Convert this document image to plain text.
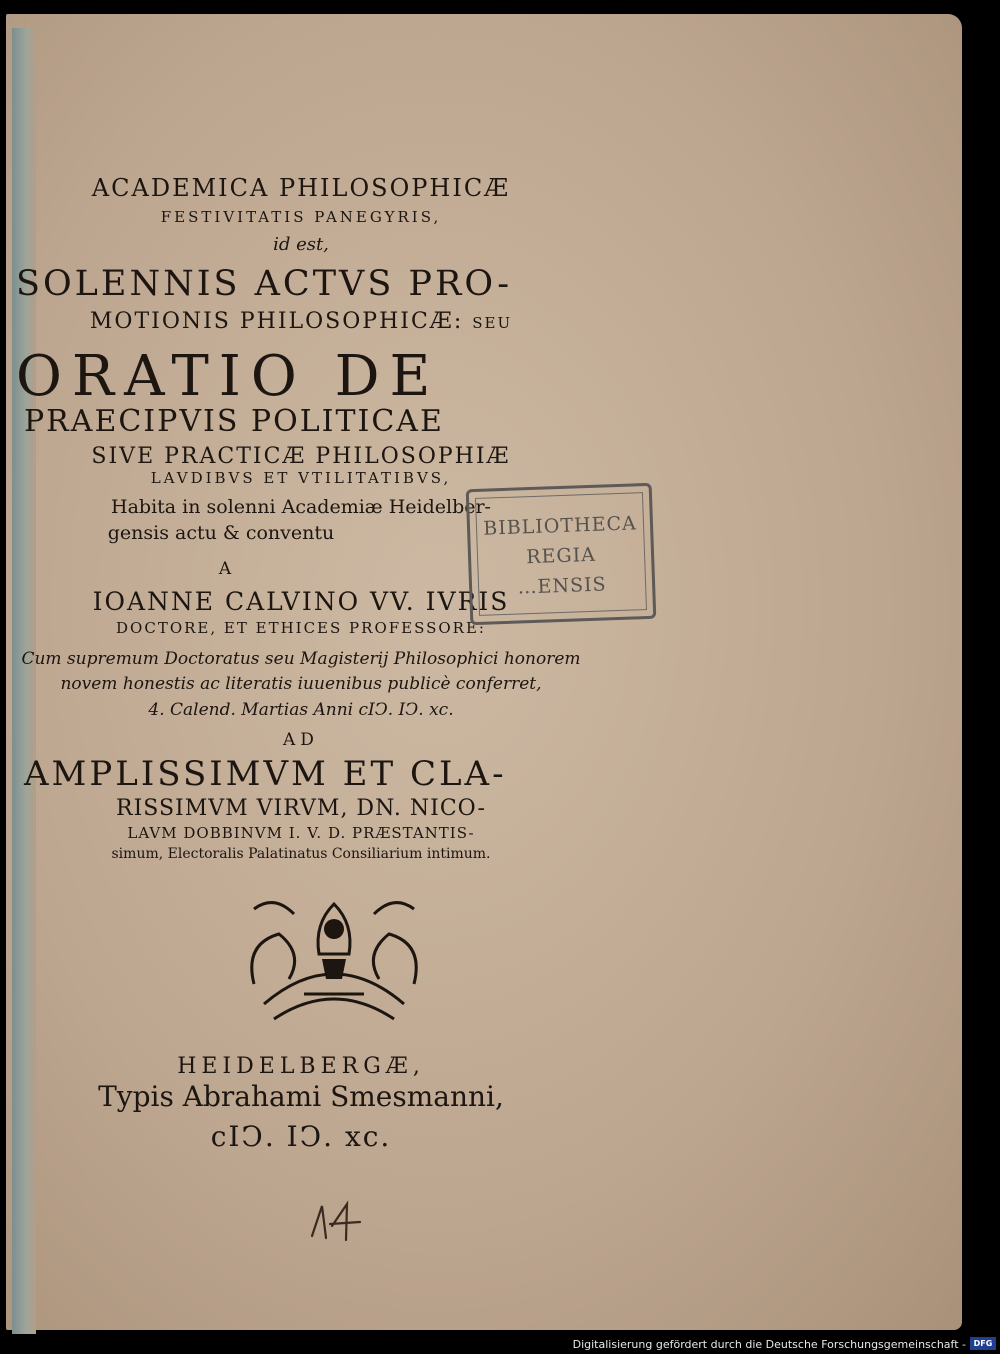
ACADEMICA PHILOSOPHICÆ

FESTIVITATIS PANEGYRIS,

id est,

SOLENNIS ACTVS PRO-

MOTIONIS PHILOSOPHICÆ: seu

ORATIO DE

PRAECIPVIS POLITICAE

SIVE PRACTICÆ PHILOSOPHIÆ

LAVDIBVS ET VTILITATIBVS,

Habita in solenni Academiæ Heidelber-

gensis actu & conventu

A

IOANNE CALVINO VV. IVRIS

DOCTORE, ET ETHICES PROFESSORE:

Cum supremum Doctoratus seu Magisterij Philosophici honorem

novem honestis ac literatis iuuenibus publicè conferret,

4. Calend. Martias Anni cIↃ. IↃ. xc.

AD

AMPLISSIMVM ET CLA-

RISSIMVM VIRVM, DN. NICO-

LAVM DOBBINVM I. V. D. PRÆSTANTIS-

simum, Electoralis Palatinatus Consiliarium intimum.

HEIDELBERGÆ,

Typis Abrahami Smesmanni,

cIↃ. IↃ. xc.

BIBLIOTHECA
REGIA
…ENSIS
Digitalisierung gefördert durch die Deutsche Forschungsgemeinschaft - DFG
